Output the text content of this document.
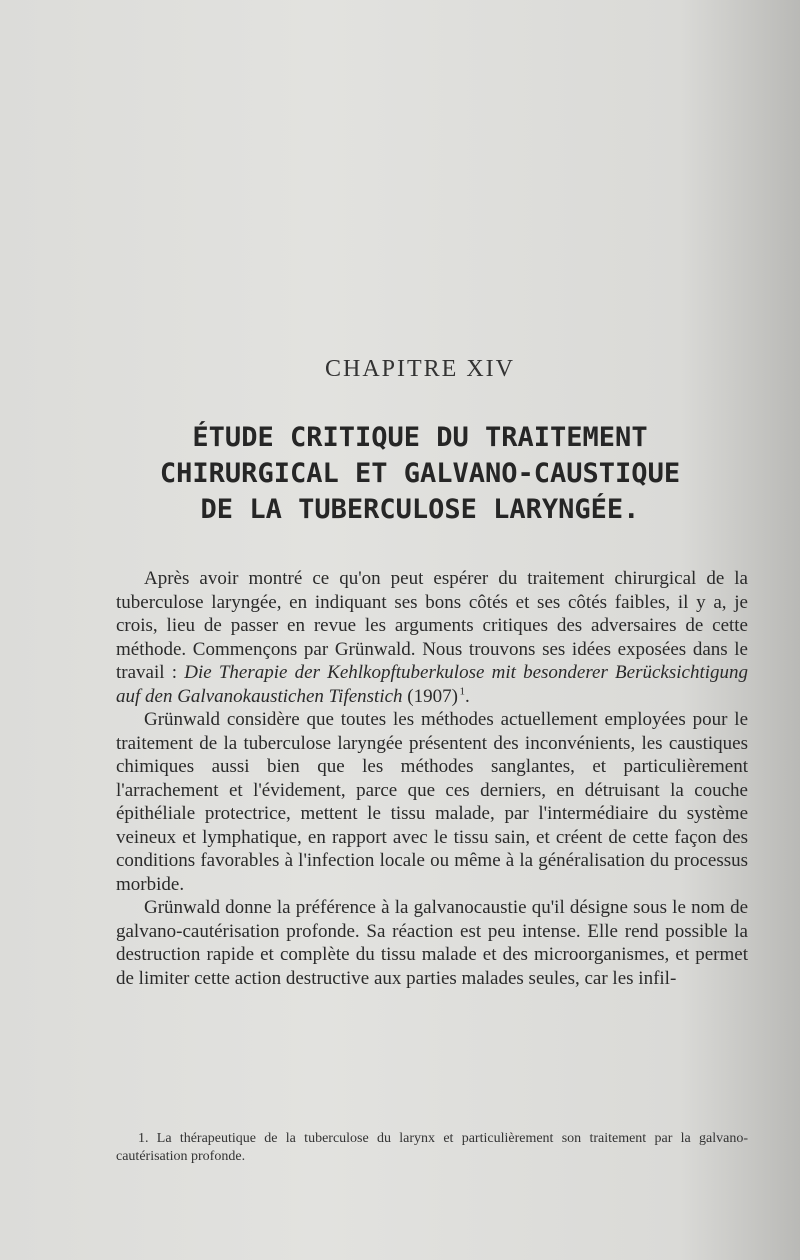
CHAPITRE XIV
ÉTUDE CRITIQUE DU TRAITEMENT
CHIRURGICAL ET GALVANO-CAUSTIQUE
DE LA TUBERCULOSE LARYNGÉE.

Après avoir montré ce qu'on peut espérer du traitement chirurgical de la tuberculose laryngée, en indiquant ses bons côtés et ses côtés faibles, il y a, je crois, lieu de passer en revue les arguments critiques des adversaires de cette méthode. Commençons par Grünwald. Nous trouvons ses idées exposées dans le travail : Die Therapie der Kehlkopftuberkulose mit besonderer Berücksichtigung auf den Galvanokaustichen Tifenstich (1907)  $^1$.

Grünwald considère que toutes les méthodes actuellement employées pour le traitement de la tuberculose laryngée présentent des inconvénients, les caustiques chimiques aussi bien que les méthodes sanglantes, et particulièrement l'arrachement et l'évidement, parce que ces derniers, en détruisant la couche épithéliale protectrice, mettent le tissu malade, par l'intermédiaire du système veineux et lymphatique, en rapport avec le tissu sain, et créent de cette façon des conditions favorables à l'infection locale ou même à la généralisation du processus morbide.

Grünwald donne la préférence à la galvanocaustie qu'il désigne sous le nom de galvano-cautérisation profonde. Sa réaction est peu intense. Elle rend possible la destruction rapide et complète du tissu malade et des microorganismes, et permet de limiter cette action destructive aux parties malades seules, car les infil-

1. La thérapeutique de la tuberculose du larynx et particulièrement son traitement par la galvano-cautérisation profonde.
